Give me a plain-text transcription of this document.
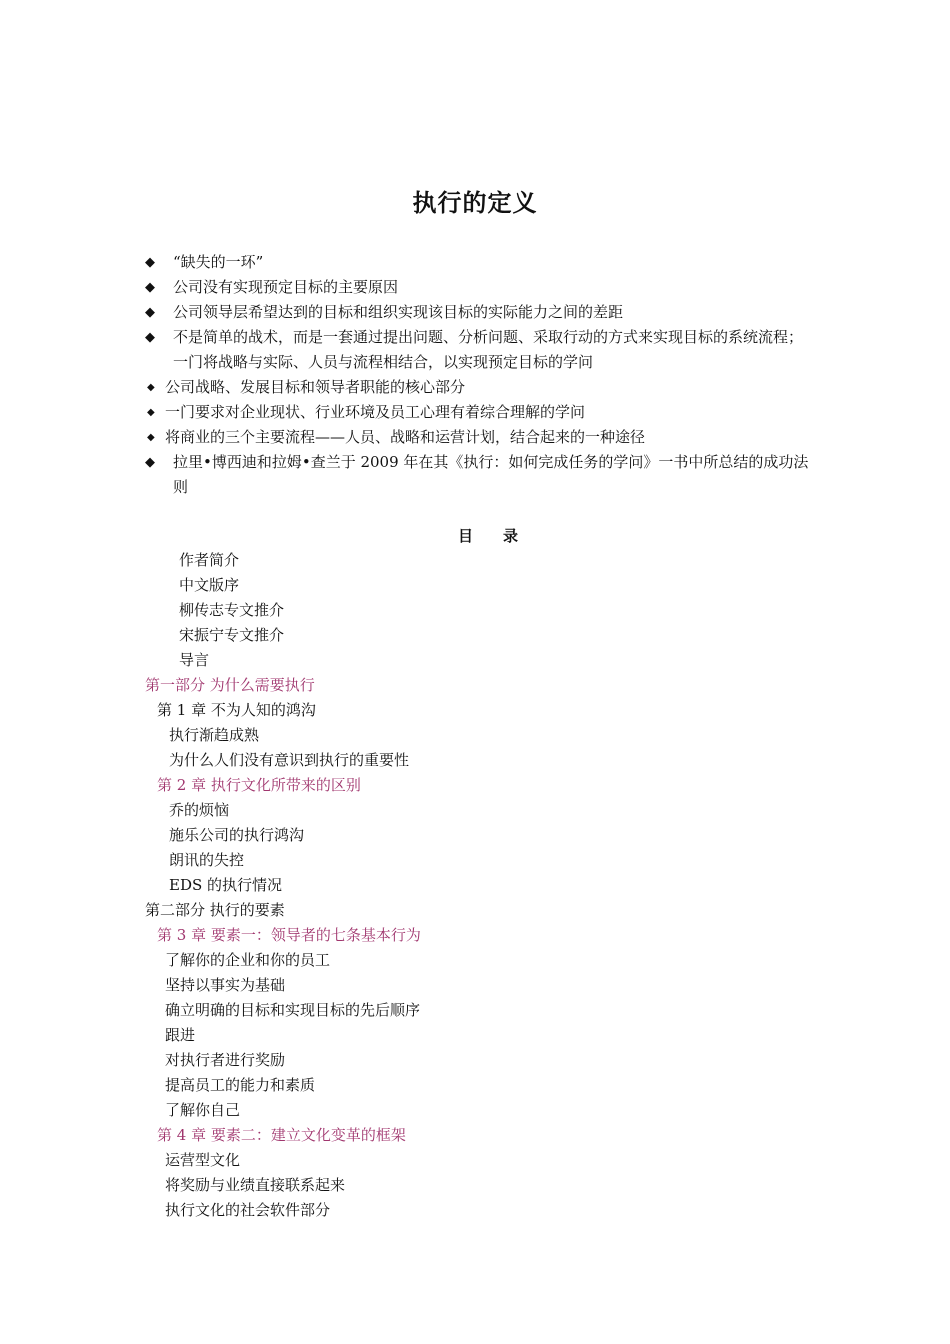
执行的定义
◆	“缺失的一环”
◆	公司没有实现预定目标的主要原因
◆	公司领导层希望达到的目标和组织实现该目标的实际能力之间的差距
◆	不是简单的战术，而是一套通过提出问题、分析问题、采取行动的方式来实现目标的系统流程；一门将战略与实际、人员与流程相结合，以实现预定目标的学问
◆ 公司战略、发展目标和领导者职能的核心部分
◆ 一门要求对企业现状、行业环境及员工心理有着综合理解的学问
◆ 将商业的三个主要流程——人员、战略和运营计划，结合起来的一种途径
◆	拉里•博西迪和拉姆•查兰于 2009 年在其《执行：如何完成任务的学问》一书中所总结的成功法则
目　　录
作者简介
中文版序
柳传志专文推介
宋振宁专文推介
导言
第一部分 为什么需要执行
第 1 章 不为人知的鸿沟
执行渐趋成熟
为什么人们没有意识到执行的重要性
第 2 章 执行文化所带来的区别
乔的烦恼
施乐公司的执行鸿沟
朗讯的失控
EDS 的执行情况
第二部分 执行的要素
第 3 章 要素一：领导者的七条基本行为
了解你的企业和你的员工
坚持以事实为基础
确立明确的目标和实现目标的先后顺序
跟进
对执行者进行奖励
提高员工的能力和素质
了解你自己
第 4 章 要素二：建立文化变革的框架
运营型文化
将奖励与业绩直接联系起来
执行文化的社会软件部分
